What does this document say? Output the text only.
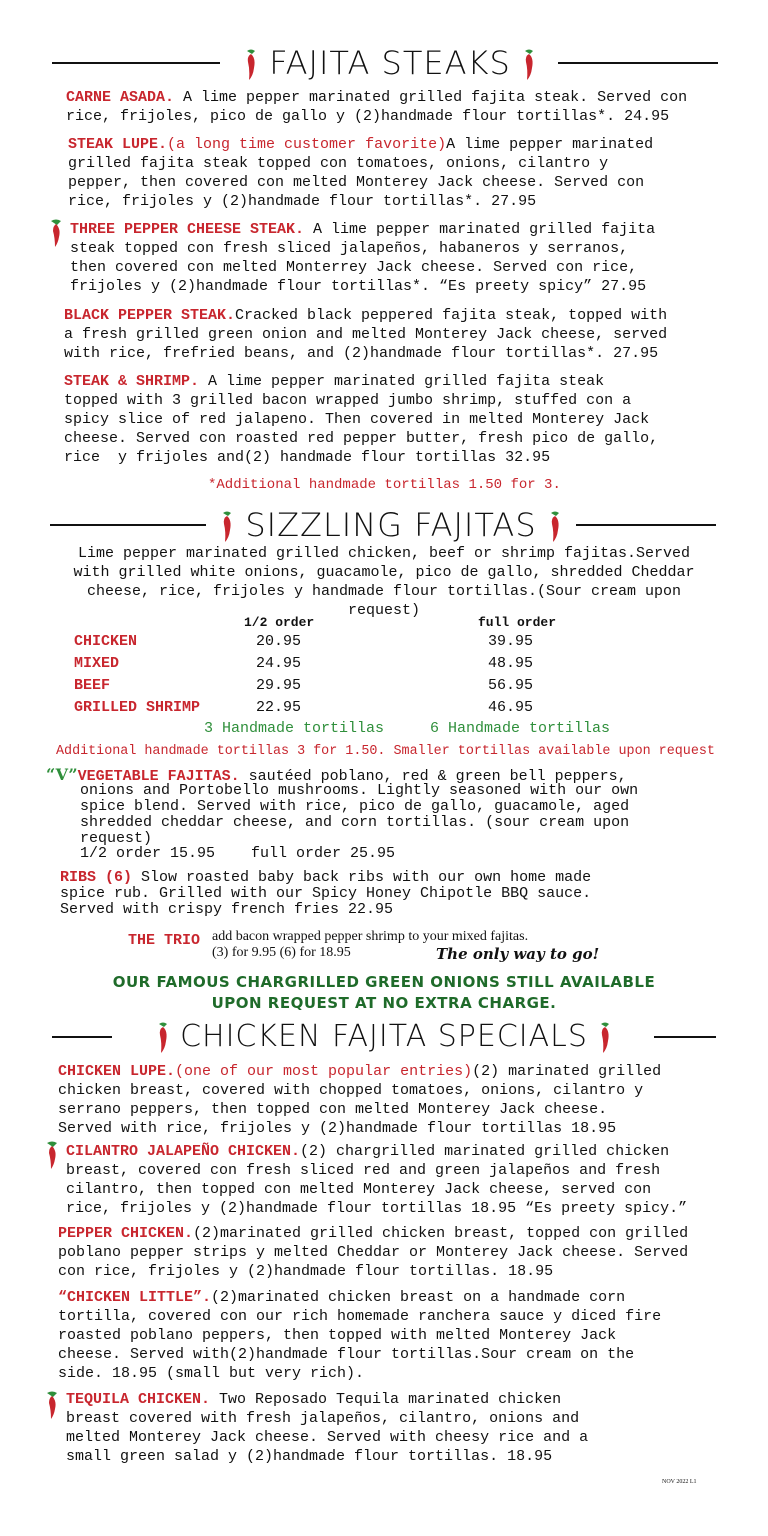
FAJITA STEAKS
CARNE ASADA. A lime pepper marinated grilled fajita steak. Served con
rice, frijoles, pico de gallo y (2)handmade flour tortillas*. 24.95
STEAK LUPE.(a long time customer favorite)A lime pepper marinated
grilled fajita steak topped con tomatoes, onions, cilantro y
pepper, then covered con melted Monterey Jack cheese. Served con
rice, frijoles y (2)handmade flour tortillas*. 27.95
THREE PEPPER CHEESE STEAK. A lime pepper marinated grilled fajita
steak topped con fresh sliced jalapeños, habaneros y serranos,
then covered con melted Monterrey Jack cheese. Served con rice,
frijoles y (2)handmade flour tortillas*. “Es preety spicy” 27.95
BLACK PEPPER STEAK.Cracked black peppered fajita steak, topped with
a fresh grilled green onion and melted Monterey Jack cheese, served
with rice, frefried beans, and (2)handmade flour tortillas*. 27.95
STEAK & SHRIMP. A lime pepper marinated grilled fajita steak
topped with 3 grilled bacon wrapped jumbo shrimp, stuffed con a
spicy slice of red jalapeno. Then covered in melted Monterey Jack
cheese. Served con roasted red pepper butter, fresh pico de gallo,
rice  y frijoles and(2) handmade flour tortillas 32.95
*Additional handmade tortillas 1.50 for 3.
SIZZLING FAJITAS
Lime pepper marinated grilled chicken, beef or shrimp fajitas.Served
with grilled white onions, guacamole, pico de gallo, shredded Cheddar
cheese, rice, frijoles y handmade flour tortillas.(Sour cream upon
request)
1/2 order	full order
CHICKEN	20.95	39.95
MIXED	24.95	48.95
BEEF	29.95	56.95
GRILLED SHRIMP	22.95	46.95
3 Handmade tortillas	6 Handmade tortillas
Additional handmade tortillas 3 for 1.50. Smaller tortillas available upon request
“V”VEGETABLE FAJITAS. sautéed poblano, red & green bell peppers,
onions and Portobello mushrooms. Lightly seasoned with our own
spice blend. Served with rice, pico de gallo, guacamole, aged
shredded cheddar cheese, and corn tortillas. (sour cream upon
request)
1/2 order 15.95    full order 25.95
RIBS (6) Slow roasted baby back ribs with our own home made
spice rub. Grilled with our Spicy Honey Chipotle BBQ sauce.
Served with crispy french fries 22.95
THE TRIO add bacon wrapped pepper shrimp to your mixed fajitas.
(3) for 9.95 (6) for 18.95	The only way to go!
OUR FAMOUS CHARGRILLED GREEN ONIONS STILL AVAILABLE
UPON REQUEST AT NO EXTRA CHARGE.
CHICKEN FAJITA SPECIALS
CHICKEN LUPE.(one of our most popular entries)(2) marinated grilled
chicken breast, covered with chopped tomatoes, onions, cilantro y
serrano peppers, then topped con melted Monterey Jack cheese.
Served with rice, frijoles y (2)handmade flour tortillas 18.95
CILANTRO JALAPEÑO CHICKEN.(2) chargrilled marinated grilled chicken
breast, covered con fresh sliced red and green jalapeños and fresh
cilantro, then topped con melted Monterey Jack cheese, served con
rice, frijoles y (2)handmade flour tortillas 18.95 “Es preety spicy.”
PEPPER CHICKEN.(2)marinated grilled chicken breast, topped con grilled
poblano pepper strips y melted Cheddar or Monterey Jack cheese. Served
con rice, frijoles y (2)handmade flour tortillas. 18.95
“CHICKEN LITTLE”.(2)marinated chicken breast on a handmade corn
tortilla, covered con our rich homemade ranchera sauce y diced fire
roasted poblano peppers, then topped with melted Monterey Jack
cheese. Served with(2)handmade flour tortillas.Sour cream on the
side. 18.95 (small but very rich).
TEQUILA CHICKEN. Two Reposado Tequila marinated chicken
breast covered with fresh jalapeños, cilantro, onions and
melted Monterey Jack cheese. Served with cheesy rice and a
small green salad y (2)handmade flour tortillas. 18.95
NOV 2022 L1
